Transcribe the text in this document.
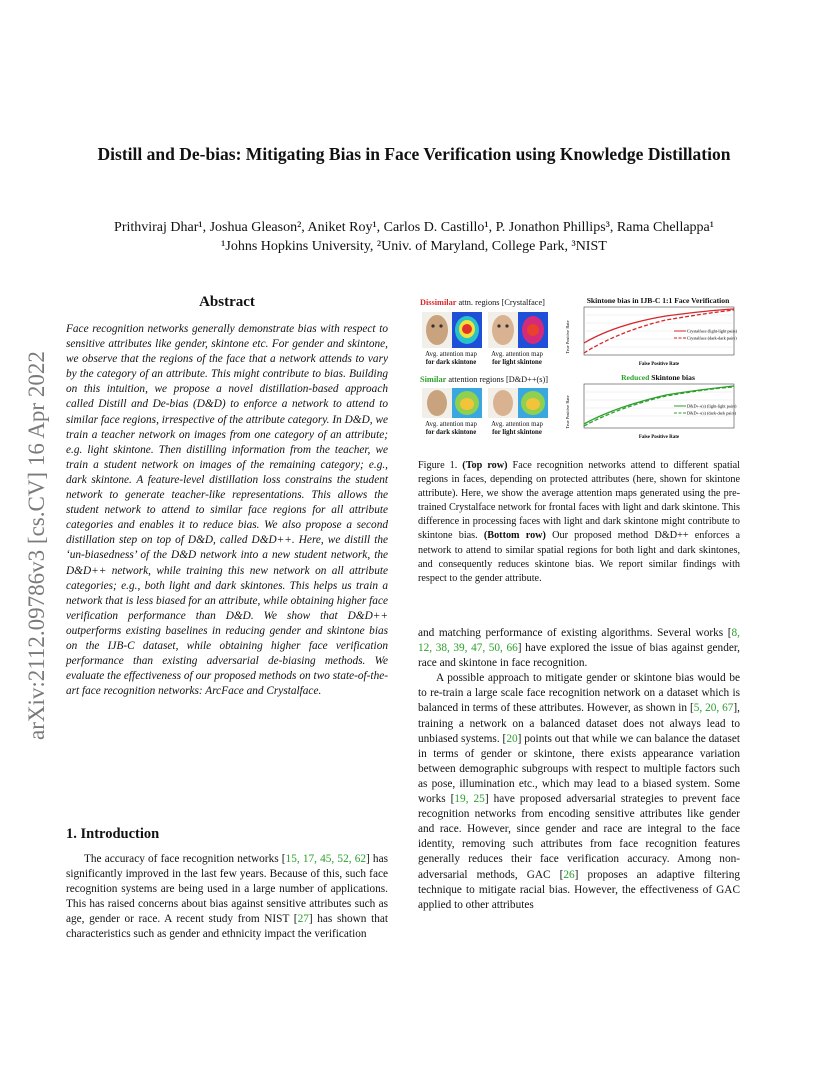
arXiv:2112.09786v3 [cs.CV] 16 Apr 2022
Distill and De-bias: Mitigating Bias in Face Verification using Knowledge Distillation
Prithviraj Dhar¹, Joshua Gleason², Aniket Roy¹, Carlos D. Castillo¹, P. Jonathon Phillips³, Rama Chellappa¹
¹Johns Hopkins University, ²Univ. of Maryland, College Park, ³NIST
Abstract
Face recognition networks generally demonstrate bias with respect to sensitive attributes like gender, skintone etc. For gender and skintone, we observe that the regions of the face that a network attends to vary by the category of an attribute. This might contribute to bias. Building on this intuition, we propose a novel distillation-based approach called Distill and De-bias (D&D) to enforce a network to attend to similar face regions, irrespective of the attribute category. In D&D, we train a teacher network on images from one category of an attribute; e.g. light skintone. Then distilling information from the teacher, we train a student network on images of the remaining category; e.g., dark skintone. A feature-level distillation loss constrains the student network to generate teacher-like representations. This allows the student network to attend to similar face regions for all attribute categories and enables it to reduce bias. We also propose a second distillation step on top of D&D, called D&D++. Here, we distill the ‘un-biasedness’ of the D&D network into a new student network, the D&D++ network, while training this new network on all attribute categories; e.g., both light and dark skintones. This helps us train a network that is less biased for an attribute, while obtaining higher face verification performance than D&D. We show that D&D++ outperforms existing baselines in reducing gender and skintone bias on the IJB-C dataset, while obtaining higher face verification performance than existing adversarial de-biasing methods. We evaluate the effectiveness of our proposed methods on two state-of-the-art face recognition networks: ArcFace and Crystalface.
1. Introduction
The accuracy of face recognition networks [15, 17, 45, 52, 62] has significantly improved in the last few years. Because of this, such face recognition systems are being used in a large number of applications. This has raised concerns about bias against sensitive attributes such as age, gender or race. A recent study from NIST [27] has shown that characteristics such as gender and ethnicity impact the verification
Dissimilar attn. regions [Crystalface]
Avg. attention map
for dark skintone
Avg. attention map
for light skintone
Skintone bias in IJB-C 1:1 Face Verification
True Positive Rate	Crystalface (light-light pairs)
Crystalface (dark-dark pairs)
False Positive Rate
Similar attention regions [D&D++(s)]
Avg. attention map
for dark skintone
Avg. attention map
for light skintone
Reduced Skintone bias
True Positive Rate	D&D++(s) (light-light pairs)
D&D++(s) (dark-dark pairs)
False Positive Rate
Figure 1. (Top row) Face recognition networks attend to different spatial regions in faces, depending on protected attributes (here, shown for skintone attribute). Here, we show the average attention maps generated using the pre-trained Crystalface network for frontal faces with light and dark skintone. This difference in processing faces with light and dark skintone might contribute to skintone bias. (Bottom row) Our proposed method D&D++ enforces a network to attend to similar spatial regions for both light and dark skintones, and consequently reduces skintone bias. We report similar findings with respect to the gender attribute.

and matching performance of existing algorithms. Several works [8, 12, 38, 39, 47, 50, 66] have explored the issue of bias against gender, race and skintone in face recognition.

A possible approach to mitigate gender or skintone bias would be to re-train a large scale face recognition network on a dataset which is balanced in terms of these attributes. However, as shown in [5, 20, 67], training a network on a balanced dataset does not always lead to unbiased systems. [20] points out that while we can balance the dataset in terms of gender or skintone, there exists appearance variation between demographic subgroups with respect to multiple factors such as pose, illumination etc., which may lead to a biased system. Some works [19, 25] have proposed adversarial strategies to prevent face recognition networks from encoding sensitive attributes like gender and race. However, since gender and race are integral to the face identity, removing such attributes from face recognition features generally reduces their face verification accuracy. Among non-adversarial methods, GAC [26] proposes an adaptive filtering technique to mitigate racial bias. However, the effectiveness of GAC applied to other attributes
